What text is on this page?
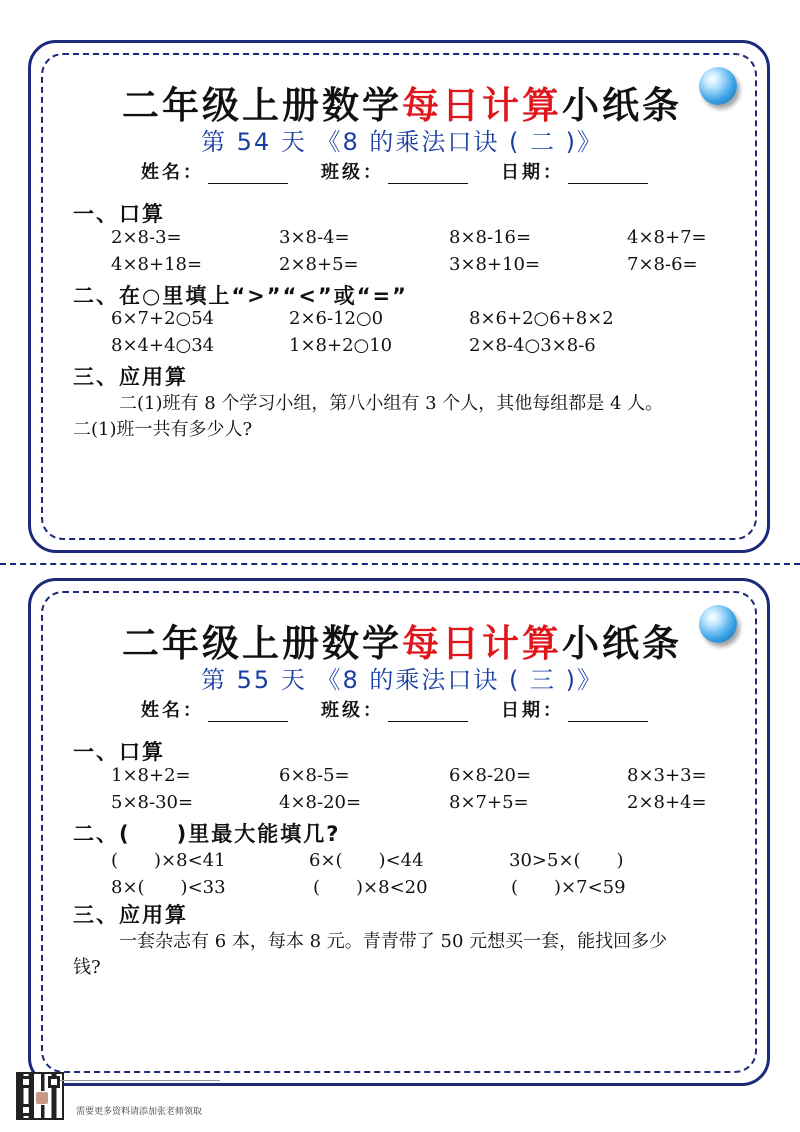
二年级上册数学每日计算小纸条
第 54 天 《8 的乘法口诀 ( 二 )》
姓名：	班级：	日期：
一、口算
2×8-3=	3×8-4=	8×8-16=	4×8+7=
4×8+18=	2×8+5=	3×8+10=	7×8-6=
二、在○里填上“>”“<”或“=”
6×7+2○54	2×6-12○0	8×6+2○6+8×2
8×4+4○34	1×8+2○10	2×8-4○3×8-6
三、应用算
二(1)班有 8 个学习小组，第八小组有 3 个人，其他每组都是 4 人。
二(1)班一共有多少人?
二年级上册数学每日计算小纸条
第 55 天 《8 的乘法口诀 ( 三 )》
姓名：	班级：	日期：
一、口算
1×8+2=	6×8-5=	6×8-20=	8×3+3=
5×8-30=	4×8-20=	8×7+5=	2×8+4=
二、(　　)里最大能填几?
(　　)×8<41	6×(　　)<44	30>5×(　　)
8×(　　)<33	(　　)×8<20	(　　)×7<59
三、应用算
一套杂志有 6 本，每本 8 元。青青带了 50 元想买一套，能找回多少
钱?
需要更多资料请添加张老师领取
